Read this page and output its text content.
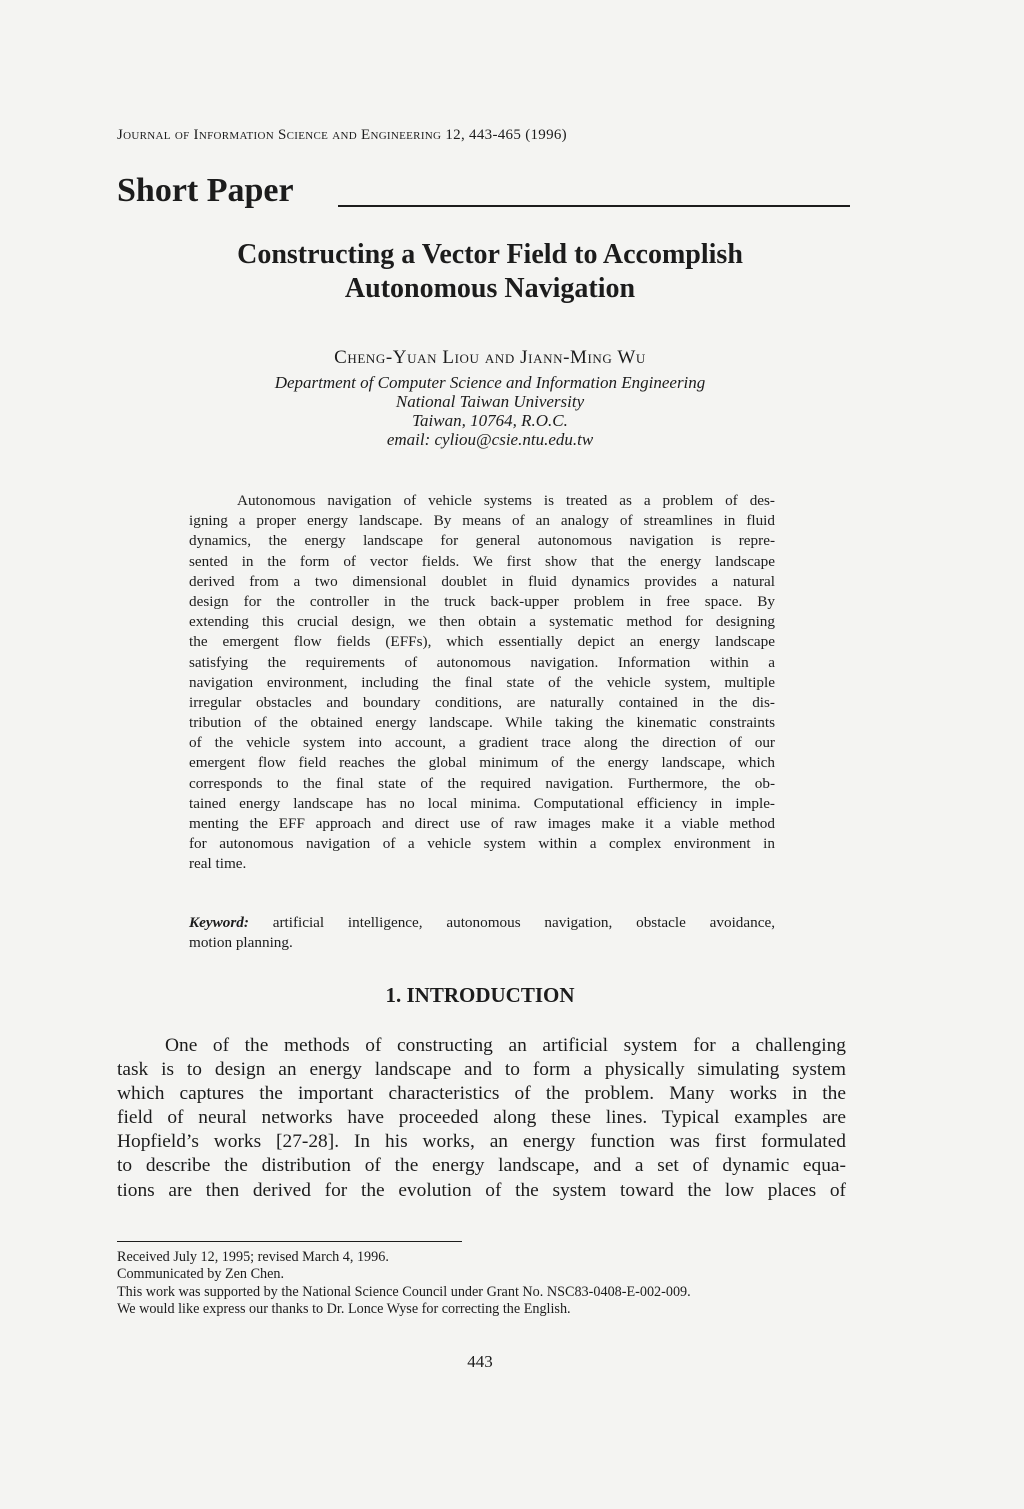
Journal of Information Science and Engineering 12, 443-465 (1996)
Short Paper
Constructing a Vector Field to Accomplish
Autonomous Navigation
Cheng-Yuan Liou and Jiann-Ming Wu
Department of Computer Science and Information Engineering
National Taiwan University
Taiwan, 10764, R.O.C.
email: cyliou@csie.ntu.edu.tw
Autonomous navigation of vehicle systems is treated as a problem of des-
igning a proper energy landscape. By means of an analogy of streamlines in fluid
dynamics, the energy landscape for general autonomous navigation is repre-
sented in the form of vector fields. We first show that the energy landscape
derived from a two dimensional doublet in fluid dynamics provides a natural
design for the controller in the truck back-upper problem in free space. By
extending this crucial design, we then obtain a systematic method for designing
the emergent flow fields (EFFs), which essentially depict an energy landscape
satisfying the requirements of autonomous navigation. Information within a
navigation environment, including the final state of the vehicle system, multiple
irregular obstacles and boundary conditions, are naturally contained in the dis-
tribution of the obtained energy landscape. While taking the kinematic constraints
of the vehicle system into account, a gradient trace along the direction of our
emergent flow field reaches the global minimum of the energy landscape, which
corresponds to the final state of the required navigation. Furthermore, the ob-
tained energy landscape has no local minima. Computational efficiency in imple-
menting the EFF approach and direct use of raw images make it a viable method
for autonomous navigation of a vehicle system within a complex environment in
real time.
Keyword: artificial intelligence, autonomous navigation, obstacle avoidance,
motion planning.
1. INTRODUCTION
One of the methods of constructing an artificial system for a challenging
task is to design an energy landscape and to form a physically simulating system
which captures the important characteristics of the problem. Many works in the
field of neural networks have proceeded along these lines. Typical examples are
Hopfield’s works [27-28]. In his works, an energy function was first formulated
to describe the distribution of the energy landscape, and a set of dynamic equa-
tions are then derived for the evolution of the system toward the low places of
Received July 12, 1995; revised March 4, 1996.
Communicated by Zen Chen.
This work was supported by the National Science Council under Grant No. NSC83-0408-E-002-009.
We would like express our thanks to Dr. Lonce Wyse for correcting the English.
443
